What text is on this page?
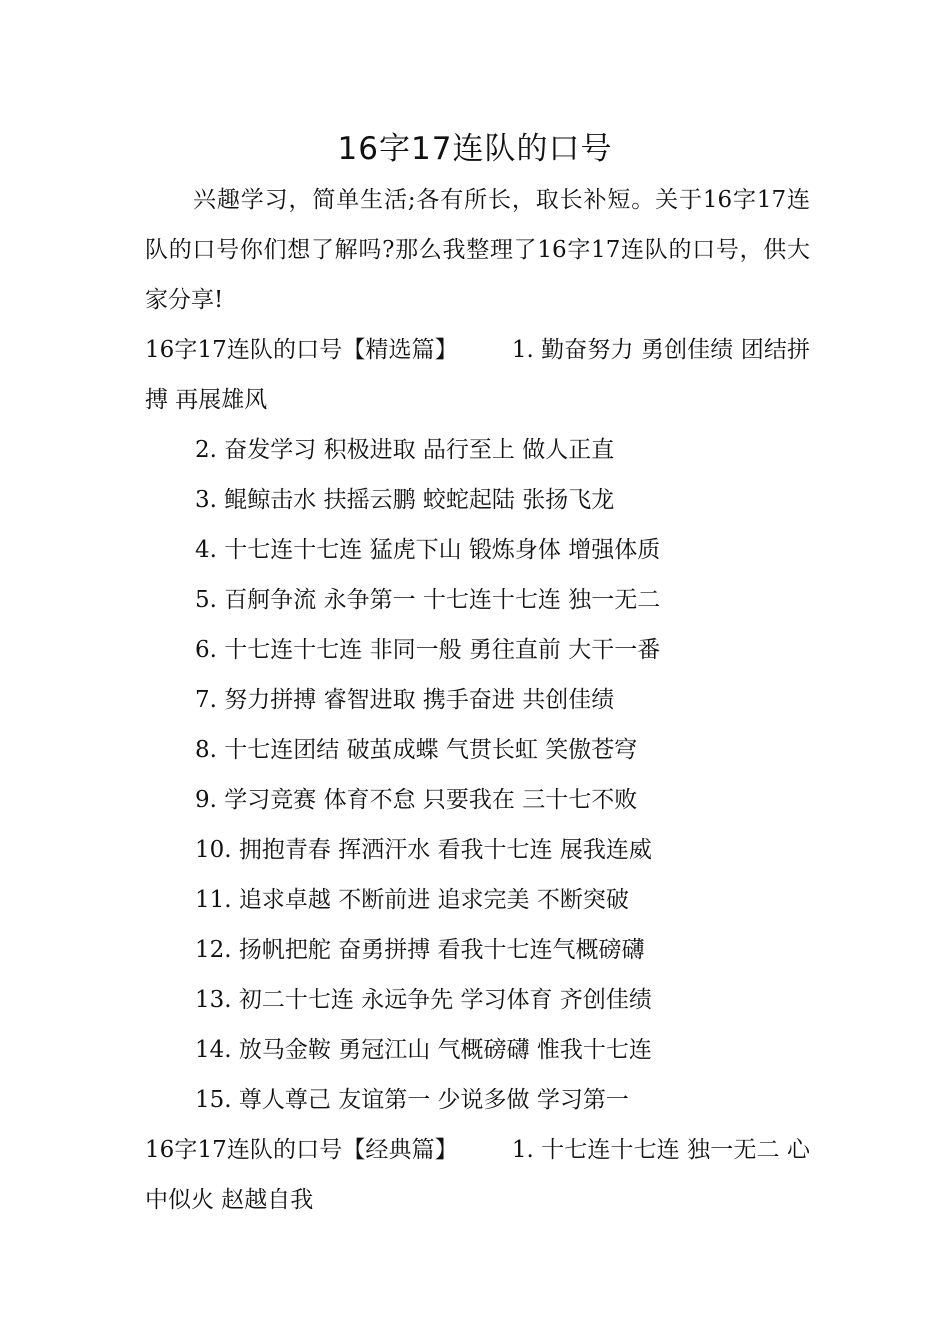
16字17连队的口号

兴趣学习，简单生活;各有所长，取长补短。关于16字17连队的口号你们想了解吗?那么我整理了16字17连队的口号，供大家分享!

16字17连队的口号【精选篇】 1. 勤奋努力 勇创佳绩 团结拼搏 再展雄风

2. 奋发学习 积极进取 品行至上 做人正直

3. 鲲鲸击水 扶摇云鹏 蛟蛇起陆 张扬飞龙

4. 十七连十七连 猛虎下山 锻炼身体 增强体质

5. 百舸争流 永争第一 十七连十七连 独一无二

6. 十七连十七连 非同一般 勇往直前 大干一番

7. 努力拼搏 睿智进取 携手奋进 共创佳绩

8. 十七连团结 破茧成蝶 气贯长虹 笑傲苍穹

9. 学习竞赛 体育不怠 只要我在 三十七不败

10. 拥抱青春 挥洒汗水 看我十七连 展我连威

11. 追求卓越 不断前进 追求完美 不断突破

12. 扬帆把舵 奋勇拼搏 看我十七连气概磅礴

13. 初二十七连 永远争先 学习体育 齐创佳绩

14. 放马金鞍 勇冠江山 气概磅礴 惟我十七连

15. 尊人尊己 友谊第一 少说多做 学习第一

16字17连队的口号【经典篇】 1. 十七连十七连 独一无二 心中似火 赵越自我
